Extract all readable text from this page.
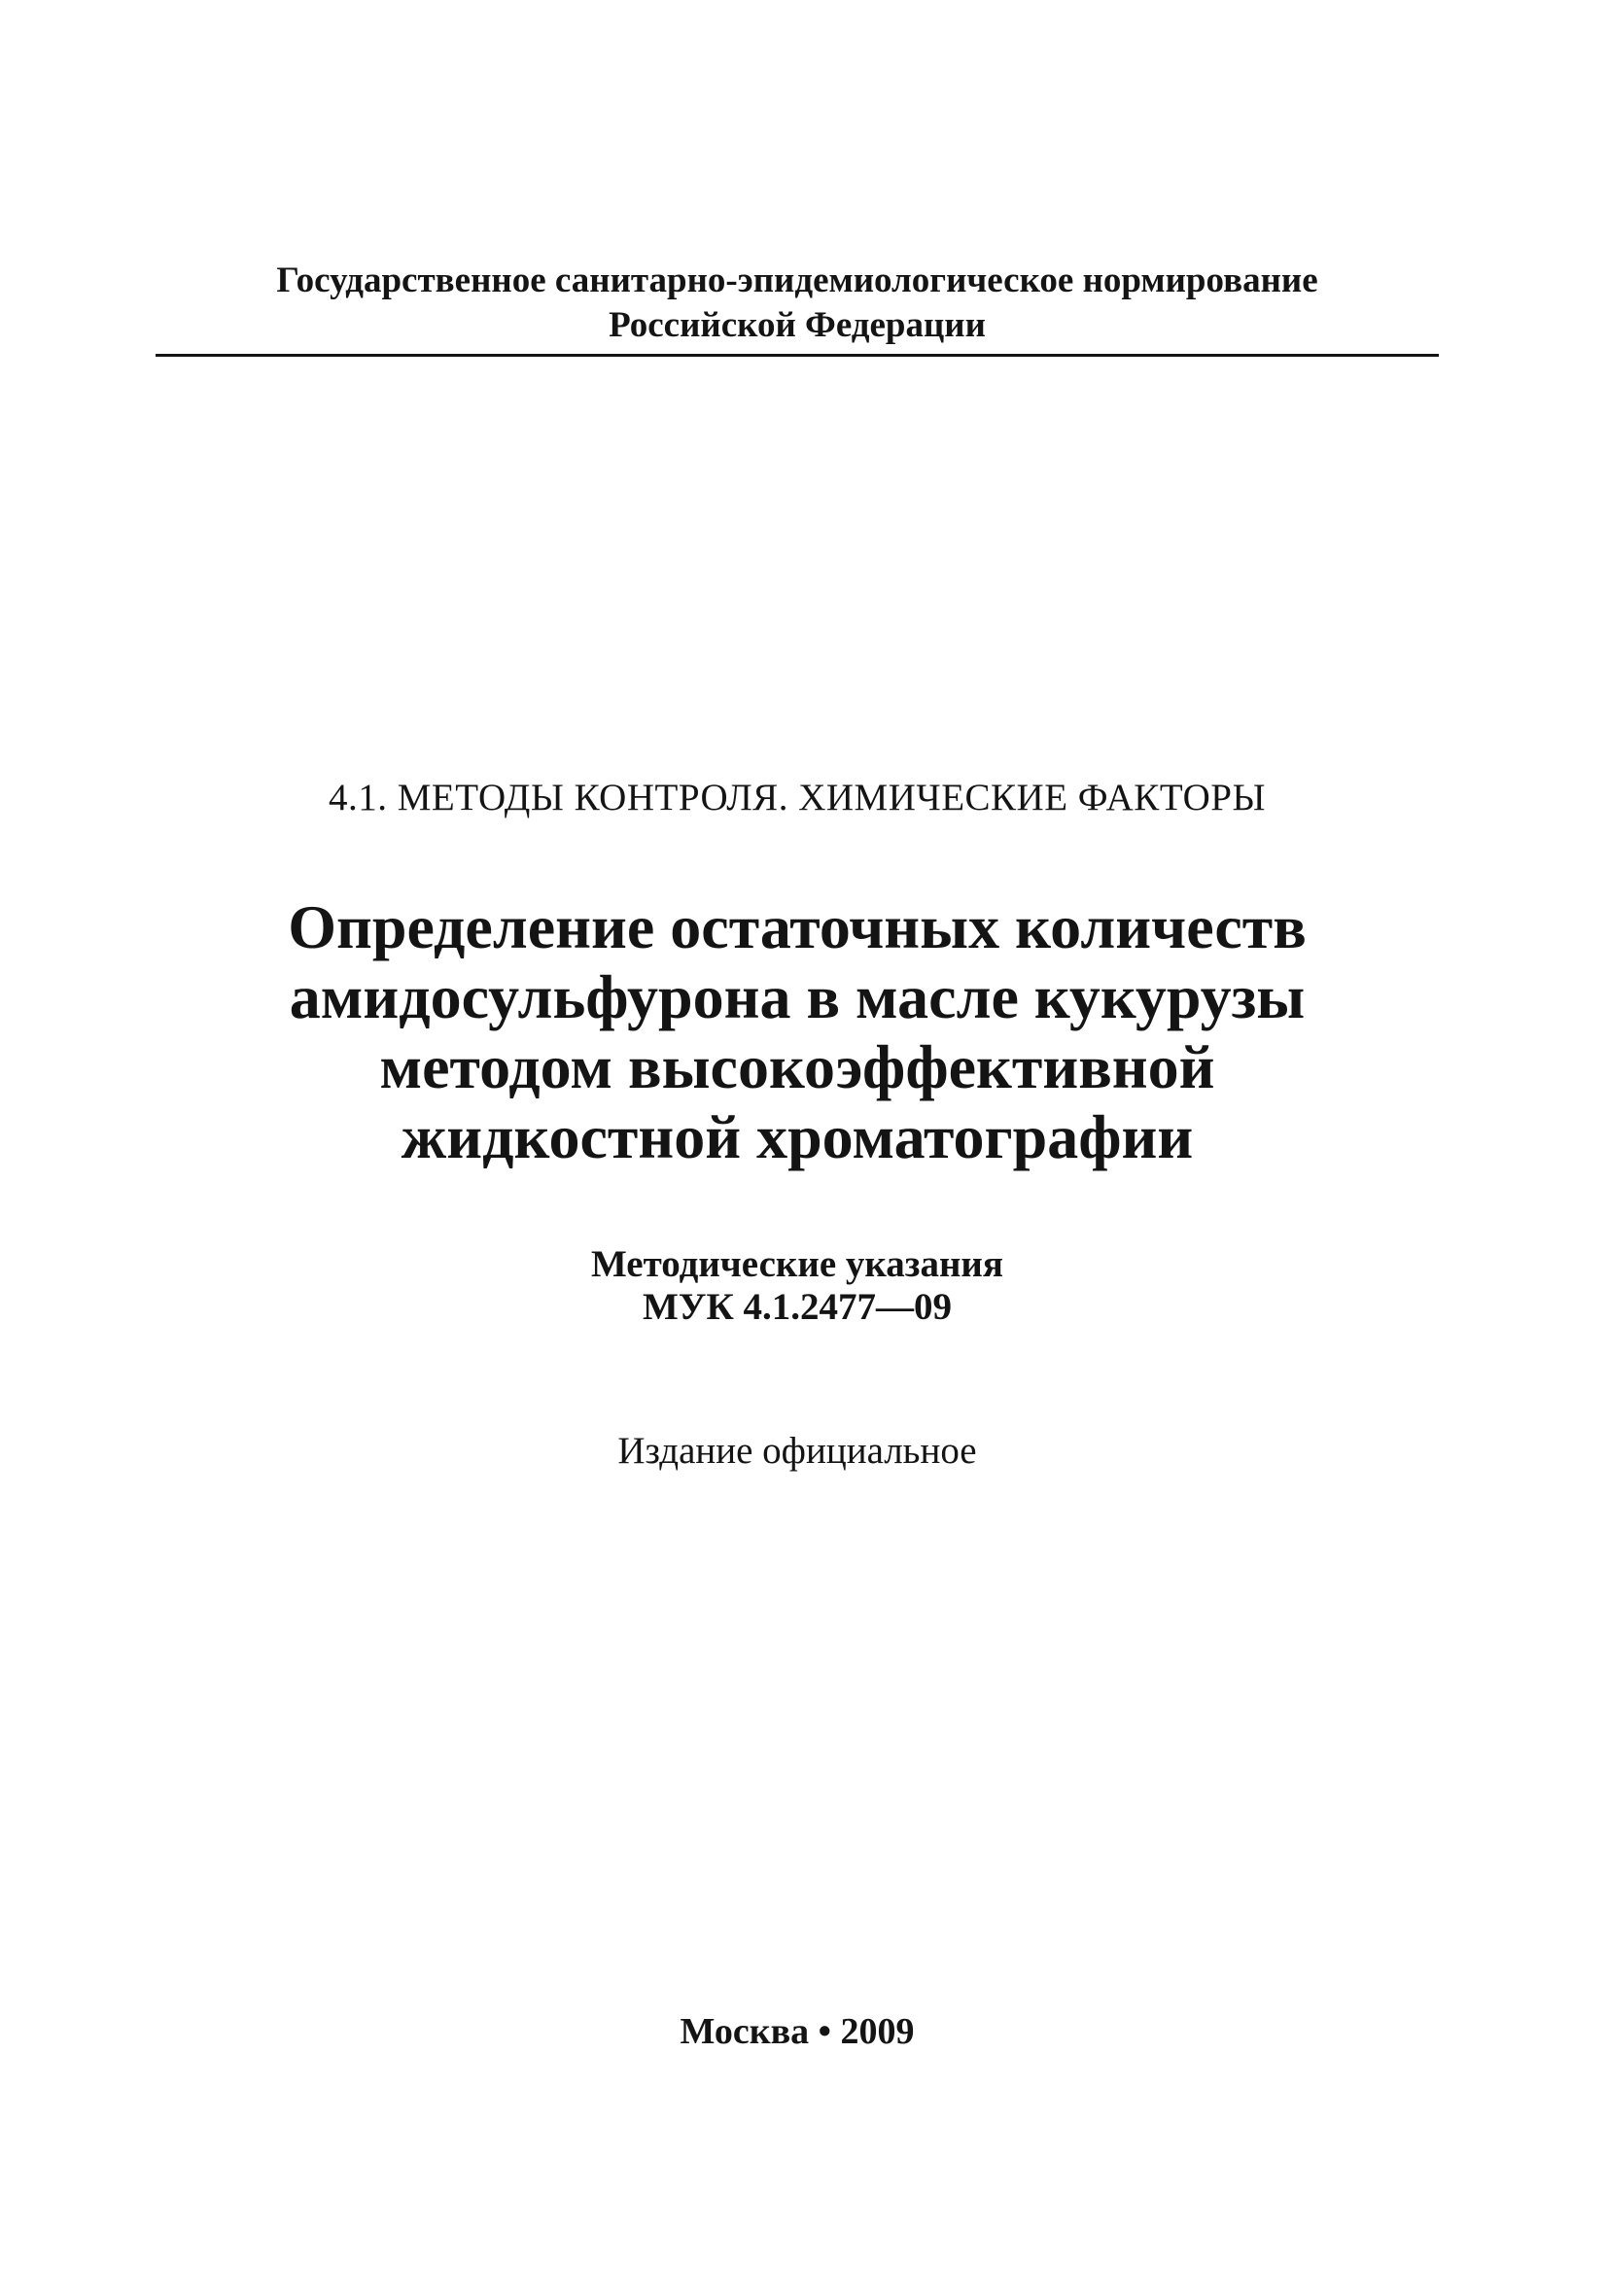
Государственное санитарно-эпидемиологическое нормирование
Российской Федерации
4.1. МЕТОДЫ КОНТРОЛЯ. ХИМИЧЕСКИЕ ФАКТОРЫ
Определение остаточных количеств
амидосульфурона в масле кукурузы
методом высокоэффективной
жидкостной хроматографии
Методические указания
МУК 4.1.2477—09
Издание официальное
Москва • 2009
